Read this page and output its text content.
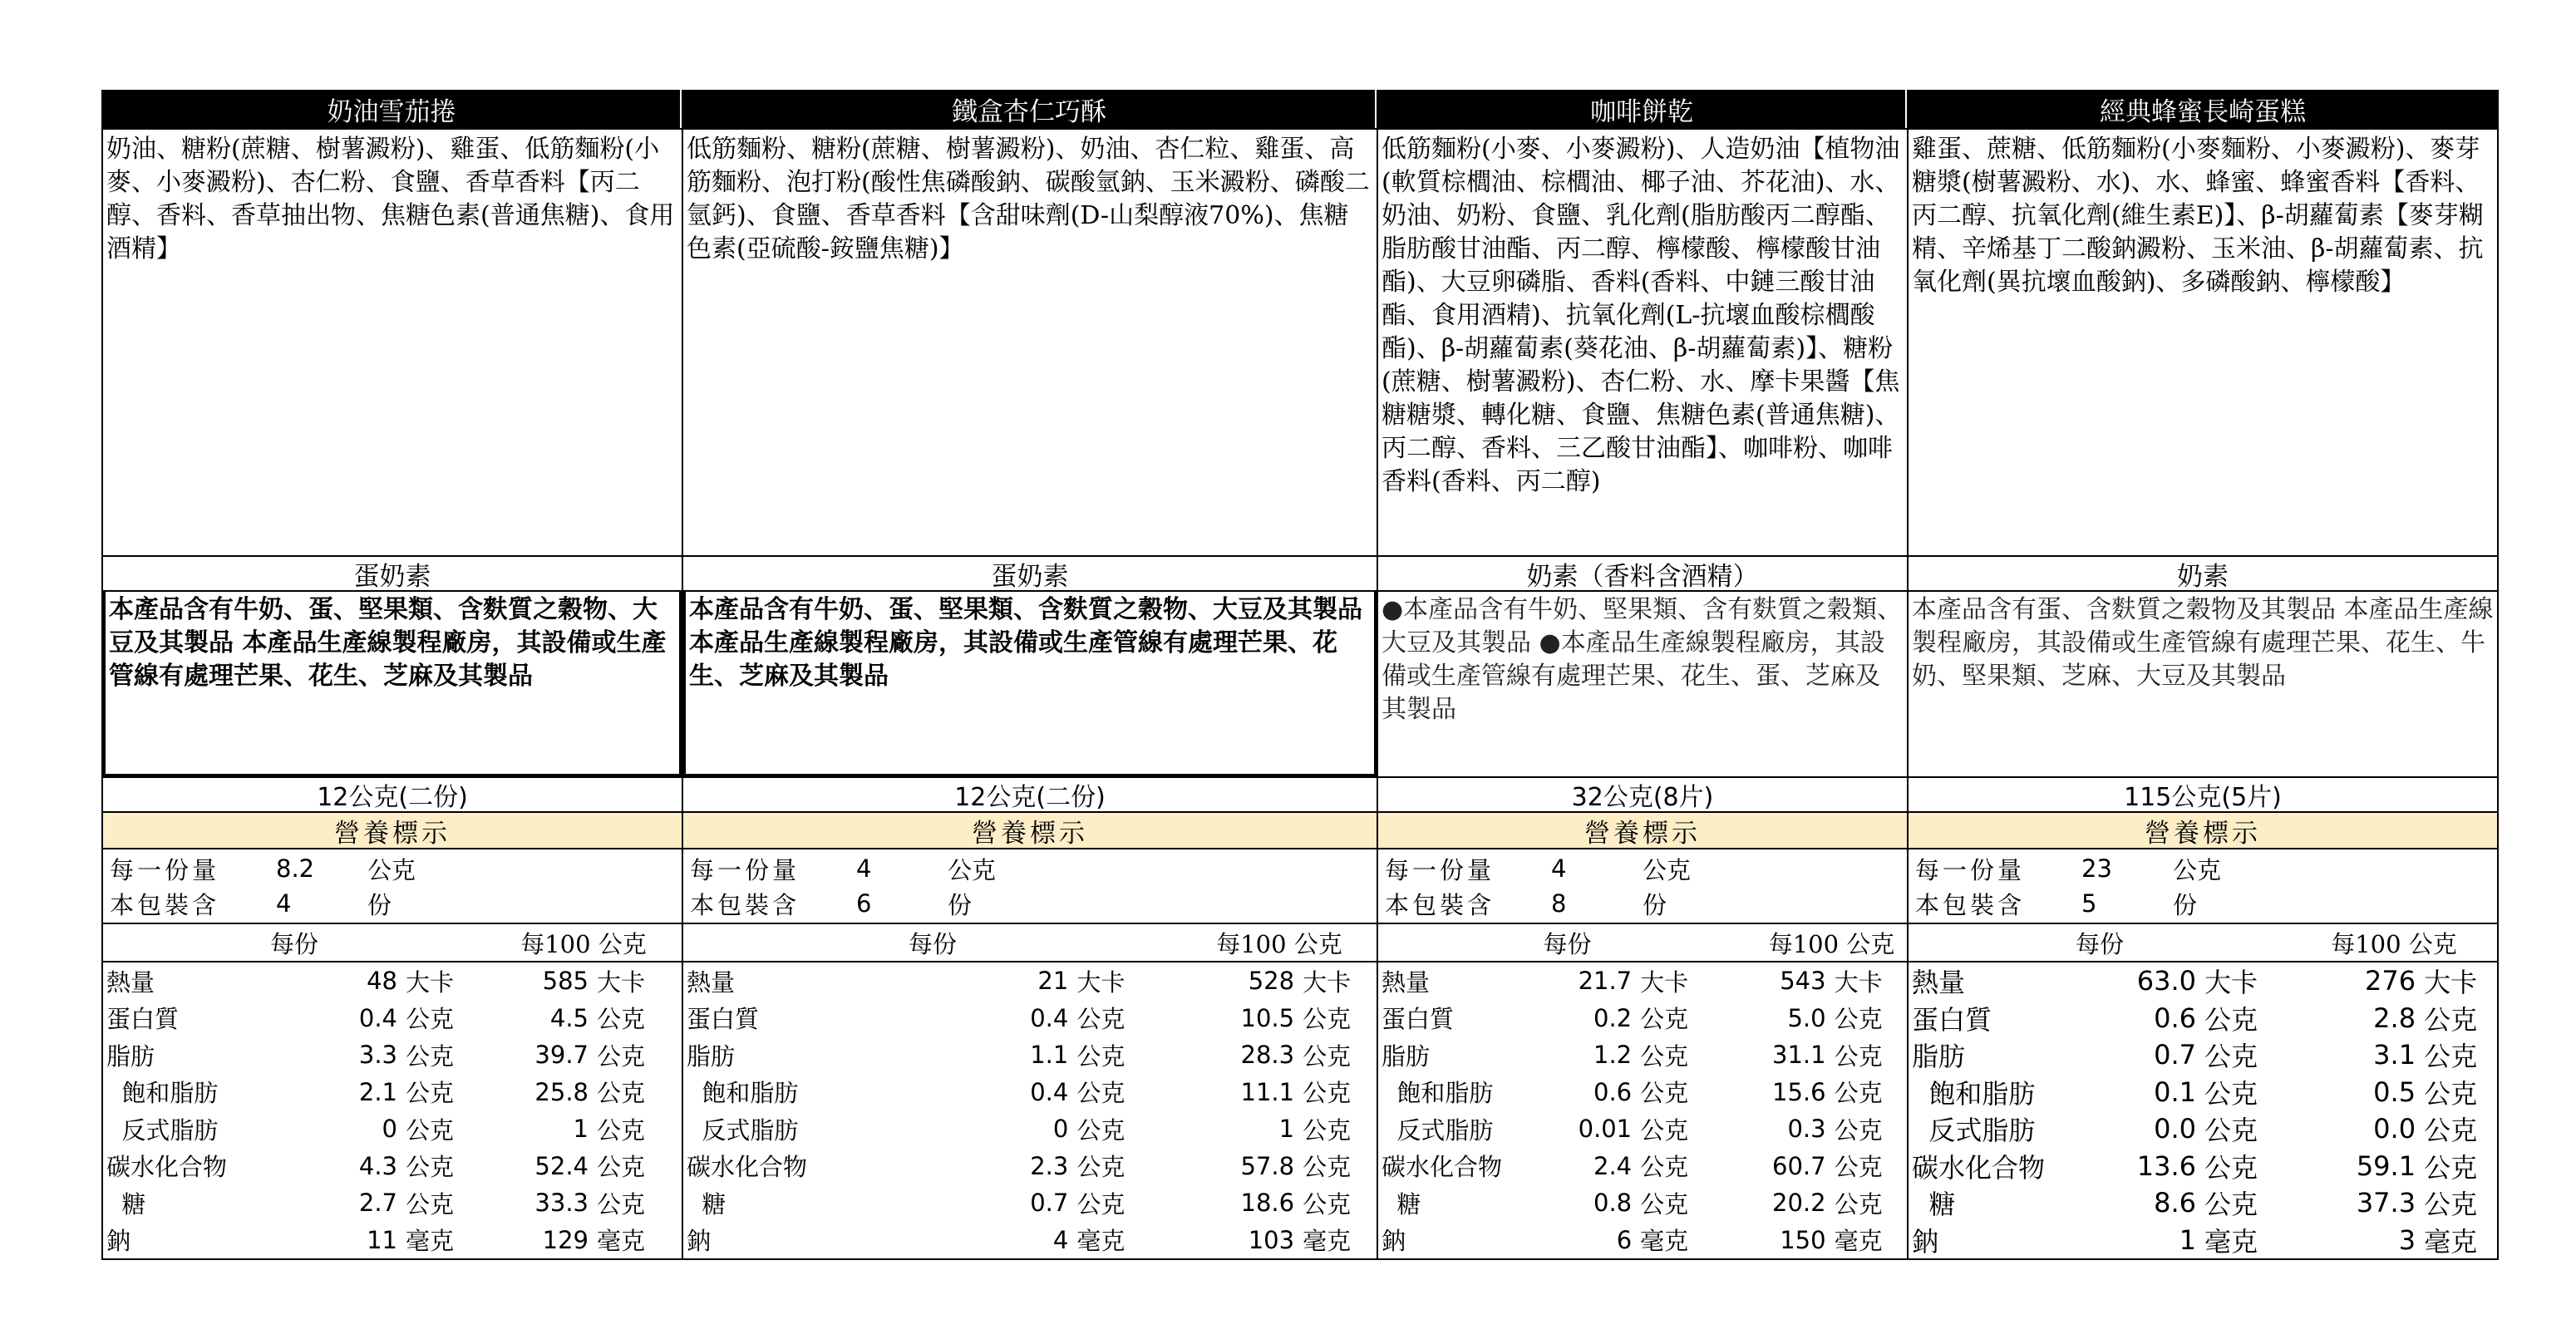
奶油雪茄捲
奶油、糖粉(蔗糖、樹薯澱粉)、雞蛋、低筋麵粉(小麥、小麥澱粉)、杏仁粉、食鹽、香草香料【丙二醇、香料、香草抽出物、焦糖色素(普通焦糖)、食用酒精】
蛋奶素
本產品含有牛奶、蛋、堅果類、含麩質之穀物、大豆及其製品 本產品生產線製程廠房，其設備或生產管線有處理芒果、花生、芝麻及其製品
12公克(二份)
營養標示
每一份量	8.2	公克
本包裝含	4	份
每份	每100 公克
熱量	48 大卡	585 大卡
蛋白質	0.4 公克	4.5 公克
脂肪	3.3 公克	39.7 公克
飽和脂肪	2.1 公克	25.8 公克
反式脂肪	0 公克	1 公克
碳水化合物	4.3 公克	52.4 公克
糖	2.7 公克	33.3 公克
鈉	11 毫克	129 毫克
鐵盒杏仁巧酥
低筋麵粉、糖粉(蔗糖、樹薯澱粉)、奶油、杏仁粒、雞蛋、高筋麵粉、泡打粉(酸性焦磷酸鈉、碳酸氫鈉、玉米澱粉、磷酸二氫鈣)、食鹽、香草香料【含甜味劑(D-山梨醇液70%)、焦糖色素(亞硫酸-銨鹽焦糖)】
蛋奶素
本產品含有牛奶、蛋、堅果類、含麩質之穀物、大豆及其製品 本產品生產線製程廠房，其設備或生產管線有處理芒果、花生、芝麻及其製品
12公克(二份)
營養標示
每一份量	4	公克
本包裝含	6	份
每份	每100 公克
熱量	21 大卡	528 大卡
蛋白質	0.4 公克	10.5 公克
脂肪	1.1 公克	28.3 公克
飽和脂肪	0.4 公克	11.1 公克
反式脂肪	0 公克	1 公克
碳水化合物	2.3 公克	57.8 公克
糖	0.7 公克	18.6 公克
鈉	4 毫克	103 毫克
咖啡餅乾
低筋麵粉(小麥、小麥澱粉)、人造奶油【植物油(軟質棕櫚油、棕櫚油、椰子油、芥花油)、水、奶油、奶粉、食鹽、乳化劑(脂肪酸丙二醇酯、脂肪酸甘油酯、丙二醇、檸檬酸、檸檬酸甘油酯)、大豆卵磷脂、香料(香料、中鏈三酸甘油酯、食用酒精)、抗氧化劑(L-抗壞血酸棕櫚酸酯)、β-胡蘿蔔素(葵花油、β-胡蘿蔔素)】、糖粉(蔗糖、樹薯澱粉)、杏仁粉、水、摩卡果醬【焦糖糖漿、轉化糖、食鹽、焦糖色素(普通焦糖)、丙二醇、香料、三乙酸甘油酯】、咖啡粉、咖啡香料(香料、丙二醇)
奶素（香料含酒精）
●本產品含有牛奶、堅果類、含有麩質之穀類、大豆及其製品 ●本產品生產線製程廠房，其設備或生產管線有處理芒果、花生、蛋、芝麻及其製品
32公克(8片)
營養標示
每一份量	4	公克
本包裝含	8	份
每份	每100 公克
熱量	21.7 大卡	543 大卡
蛋白質	0.2 公克	5.0 公克
脂肪	1.2 公克	31.1 公克
飽和脂肪	0.6 公克	15.6 公克
反式脂肪	0.01 公克	0.3 公克
碳水化合物	2.4 公克	60.7 公克
糖	0.8 公克	20.2 公克
鈉	6 毫克	150 毫克
經典蜂蜜長崎蛋糕
雞蛋、蔗糖、低筋麵粉(小麥麵粉、小麥澱粉)、麥芽糖漿(樹薯澱粉、水)、水、蜂蜜、蜂蜜香料【香料、丙二醇、抗氧化劑(維生素E)】、β-胡蘿蔔素【麥芽糊精、辛烯基丁二酸鈉澱粉、玉米油、β-胡蘿蔔素、抗氧化劑(異抗壞血酸鈉)、多磷酸鈉、檸檬酸】
奶素
本產品含有蛋、含麩質之穀物及其製品 本產品生產線製程廠房，其設備或生產管線有處理芒果、花生、牛奶、堅果類、芝麻、大豆及其製品
115公克(5片)
營養標示
每一份量	23	公克
本包裝含	5	份
每份	每100 公克
熱量	63.0 大卡	276 大卡
蛋白質	0.6 公克	2.8 公克
脂肪	0.7 公克	3.1 公克
飽和脂肪	0.1 公克	0.5 公克
反式脂肪	0.0 公克	0.0 公克
碳水化合物	13.6 公克	59.1 公克
糖	8.6 公克	37.3 公克
鈉	1 毫克	3 毫克
